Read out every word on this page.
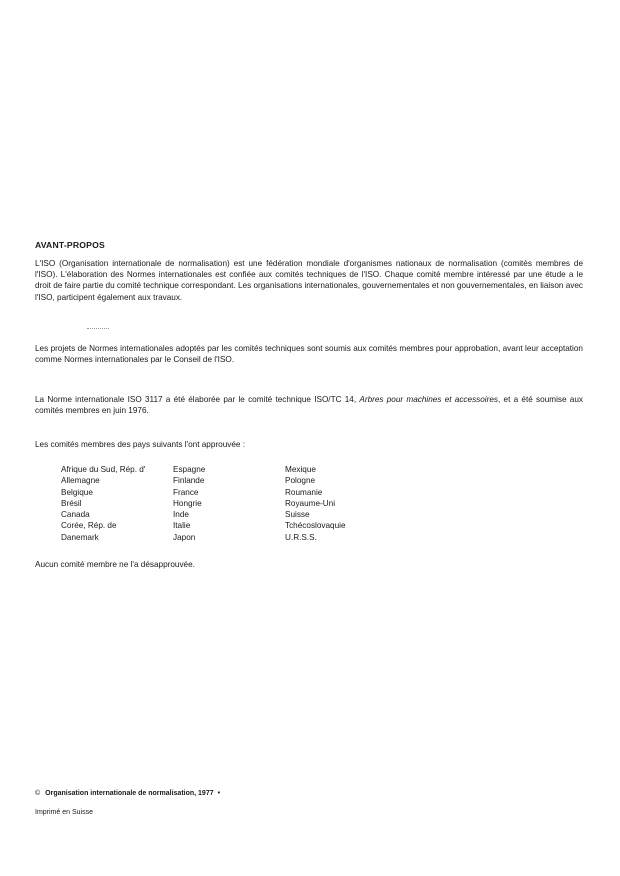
AVANT-PROPOS
L'ISO (Organisation internationale de normalisation) est une fédération mondiale d'organismes nationaux de normalisation (comités membres de l'ISO). L'élaboration des Normes internationales est confiée aux comités techniques de l'ISO. Chaque comité membre intéressé par une étude a le droit de faire partie du comité technique correspondant. Les organisations internationales, gouvernementales et non gouvernementales, en liaison avec l'ISO, participent également aux travaux.
Les projets de Normes internationales adoptés par les comités techniques sont soumis aux comités membres pour approbation, avant leur acceptation comme Normes internationales par le Conseil de l'ISO.
La Norme internationale ISO 3117 a été élaborée par le comité technique ISO/TC 14, Arbres pour machines et accessoires, et a été soumise aux comités membres en juin 1976.
Les comités membres des pays suivants l'ont approuvée :
Afrique du Sud, Rép. d'
Allemagne
Belgique
Brésil
Canada
Corée, Rép. de
Danemark
Espagne
Finlande
France
Hongrie
Inde
Italie
Japon
Mexique
Pologne
Roumanie
Royaume-Uni
Suisse
Tchécoslovaquie
U.R.S.S.
Aucun comité membre ne l'a désapprouvée.
© Organisation internationale de normalisation, 1977 •
Imprimé en Suisse
